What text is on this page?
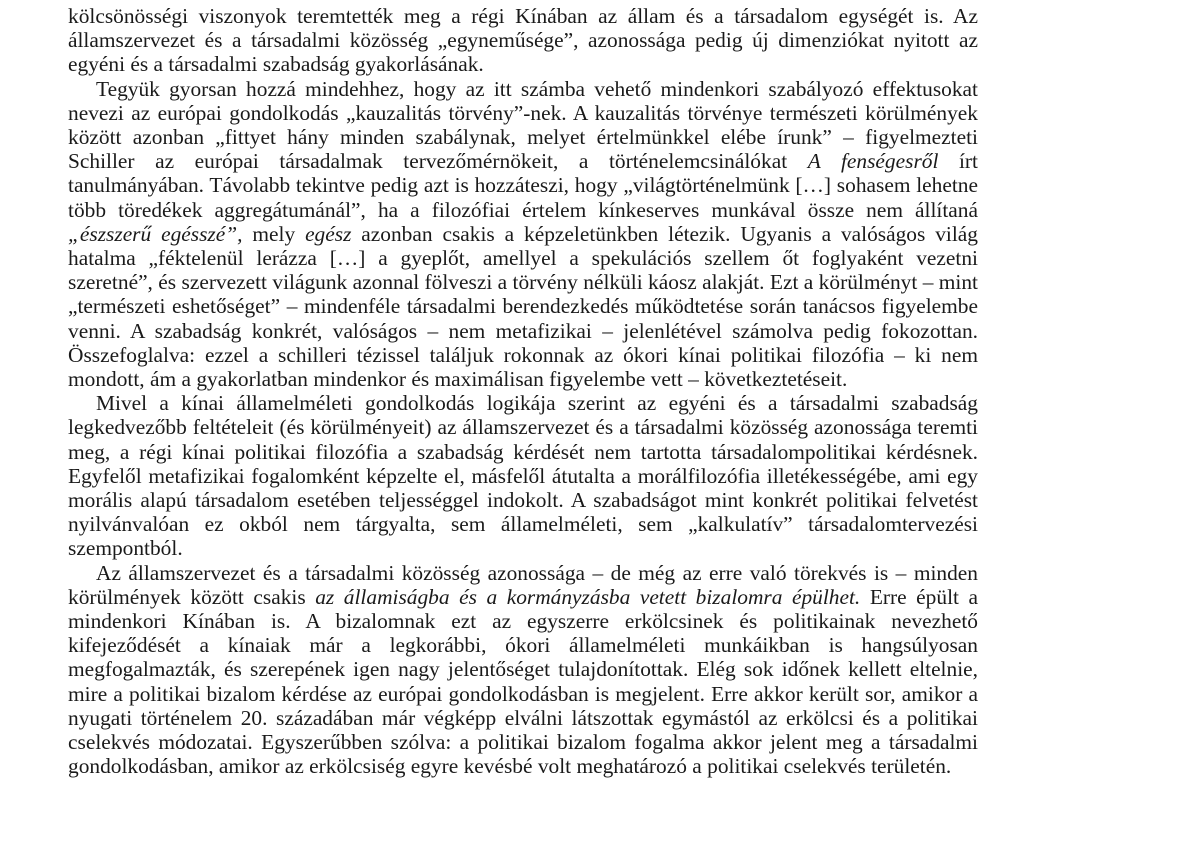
kölcsönösségi viszonyok teremtették meg a régi Kínában az állam és a társadalom egységét is. Az államszervezet és a társadalmi közösség „egyneműsége”, azonossága pedig új dimenziókat nyitott az egyéni és a társadalmi szabadság gyakorlásának.

Tegyük gyorsan hozzá mindehhez, hogy az itt számba vehető mindenkori szabályozó effektusokat nevezi az európai gondolkodás „kauzalitás törvény”-nek. A kauzalitás törvénye természeti körülmények között azonban „fittyet hány minden szabálynak, melyet értelmünkkel elébe írunk” – figyelmezteti Schiller az európai társadalmak tervezőmérnökeit, a történelemcsinálókat A fenségesről írt tanulmányában. Távolabb tekintve pedig azt is hozzáteszi, hogy „világtörténelmünk […] sohasem lehetne több töredékek aggregátumánál”, ha a filozófiai értelem kínkeserves munkával össze nem állítaná „észszerű egésszé”, mely egész azonban csakis a képzeletünkben létezik. Ugyanis a valóságos világ hatalma „féktelenül lerázza […] a gyeplőt, amellyel a spekulációs szellem őt foglyaként vezetni szeretné”, és szervezett világunk azonnal fölveszi a törvény nélküli káosz alakját. Ezt a körülményt – mint „természeti eshetőséget” – mindenféle társadalmi berendezkedés működtetése során tanácsos figyelembe venni. A szabadság konkrét, valóságos – nem metafizikai – jelenlétével számolva pedig fokozottan. Összefoglalva: ezzel a schilleri tézissel találjuk rokonnak az ókori kínai politikai filozófia – ki nem mondott, ám a gyakorlatban mindenkor és maximálisan figyelembe vett – következtetéseit.

Mivel a kínai államelméleti gondolkodás logikája szerint az egyéni és a társadalmi szabadság legkedvezőbb feltételeit (és körülményeit) az államszervezet és a társadalmi közösség azonossága teremti meg, a régi kínai politikai filozófia a szabadság kérdését nem tartotta társadalompolitikai kérdésnek. Egyfelől metafizikai fogalomként képzelte el, másfelől átutalta a morálfilozófia illetékességébe, ami egy morális alapú társadalom esetében teljességgel indokolt. A szabadságot mint konkrét politikai felvetést nyilvánvalóan ez okból nem tárgyalta, sem államelméleti, sem „kalkulatív” társadalomtervezési szempontból.

Az államszervezet és a társadalmi közösség azonossága – de még az erre való törekvés is – minden körülmények között csakis az államiságba és a kormányzásba vetett bizalomra épülhet. Erre épült a mindenkori Kínában is. A bizalomnak ezt az egyszerre erkölcsinek és politikainak nevezhető kifejeződését a kínaiak már a legkorábbi, ókori államelméleti munkáikban is hangsúlyosan megfogalmazták, és szerepének igen nagy jelentőséget tulajdonítottak. Elég sok időnek kellett eltelnie, mire a politikai bizalom kérdése az európai gondolkodásban is megjelent. Erre akkor került sor, amikor a nyugati történelem 20. századában már végképp elválni látszottak egymástól az erkölcsi és a politikai cselekvés módozatai. Egyszerűbben szólva: a politikai bizalom fogalma akkor jelent meg a társadalmi gondolkodásban, amikor az erkölcsiség egyre kevésbé volt meghatározó a politikai cselekvés területén.
